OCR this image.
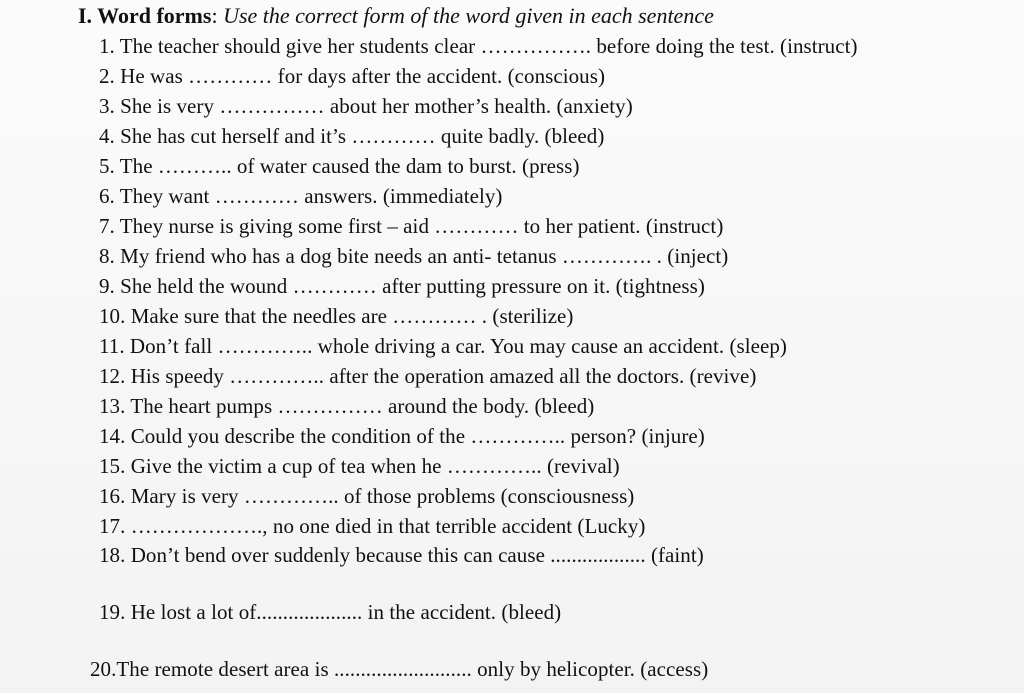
I. Word forms: Use the correct form of the word given in each sentence
1. The teacher should give her students clear ……………. before doing the test. (instruct)
2. He was ………… for days after the accident. (conscious)
3. She is very …………… about her mother’s health. (anxiety)
4. She has cut herself and it’s ………… quite badly. (bleed)
5. The ……….. of water caused the dam to burst. (press)
6. They want ………… answers. (immediately)
7. They nurse is giving some first – aid ………… to her patient. (instruct)
8. My friend who has a dog bite needs an anti- tetanus …………. . (inject)
9. She held the wound ………… after putting pressure on it. (tightness)
10. Make sure that the needles are ………… . (sterilize)
11. Don’t fall ………….. whole driving a car. You may cause an accident. (sleep)
12. His speedy ………….. after the operation amazed all the doctors. (revive)
13. The heart pumps …………… around the body. (bleed)
14. Could you describe the condition of the ………….. person? (injure)
15. Give the victim a cup of tea when he ………….. (revival)
16. Mary is very ………….. of those problems (consciousness)
17. ………………., no one died in that terrible accident (Lucky)
18. Don’t bend over suddenly because this can cause .................. (faint)
19. He lost a lot of.................... in the accident. (bleed)
20.The remote desert area is .......................... only by helicopter. (access)
